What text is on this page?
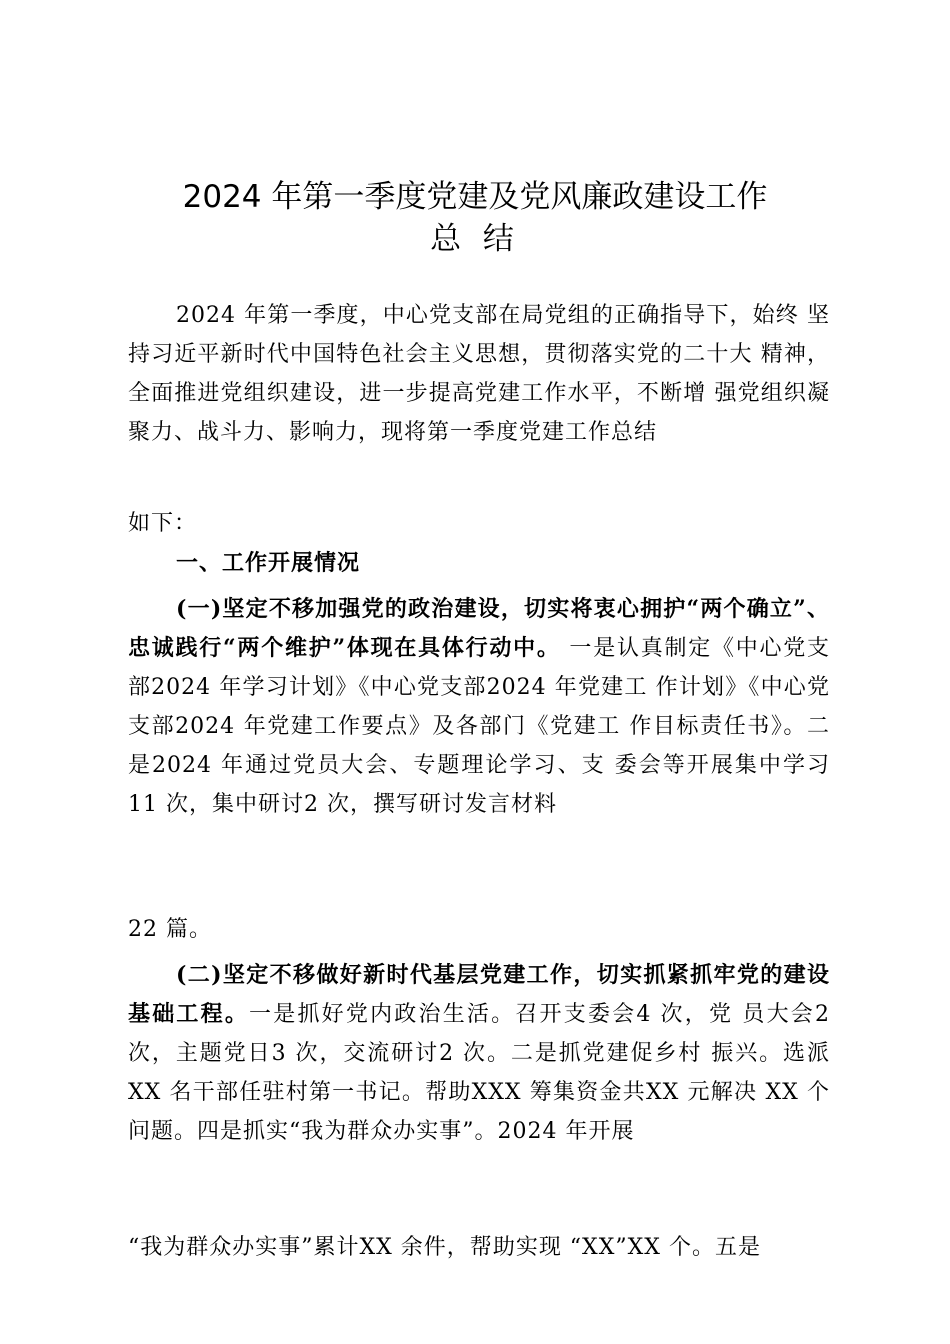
2024 年第一季度党建及党风廉政建设工作
总 结

2024 年第一季度，中心党支部在局党组的正确指导下，始终 坚持习近平新时代中国特色社会主义思想，贯彻落实党的二十大 精神，全面推进党组织建设，进一步提高党建工作水平，不断增 强党组织凝聚力、战斗力、影响力，现将第一季度党建工作总结

如下：

一、工作开展情况

(一)坚定不移加强党的政治建设，切实将衷心拥护“两个确立”、忠诚践行“两个维护”体现在具体行动中。 一是认真制定《中心党支部2024 年学习计划》《中心党支部2024 年党建工 作计划》《中心党支部2024 年党建工作要点》及各部门《党建工 作目标责任书》。二是2024 年通过党员大会、专题理论学习、支 委会等开展集中学习11 次，集中研讨2 次，撰写研讨发言材料

22 篇。

(二)坚定不移做好新时代基层党建工作，切实抓紧抓牢党的建设基础工程。一是抓好党内政治生活。召开支委会4 次，党 员大会2 次，主题党日3 次，交流研讨2 次。二是抓党建促乡村 振兴。选派 XX 名干部任驻村第一书记。帮助XXX 筹集资金共XX 元解决 XX 个问题。四是抓实“我为群众办实事”。2024 年开展

“我为群众办实事”累计XX 余件，帮助实现 “XX”XX 个。五是
